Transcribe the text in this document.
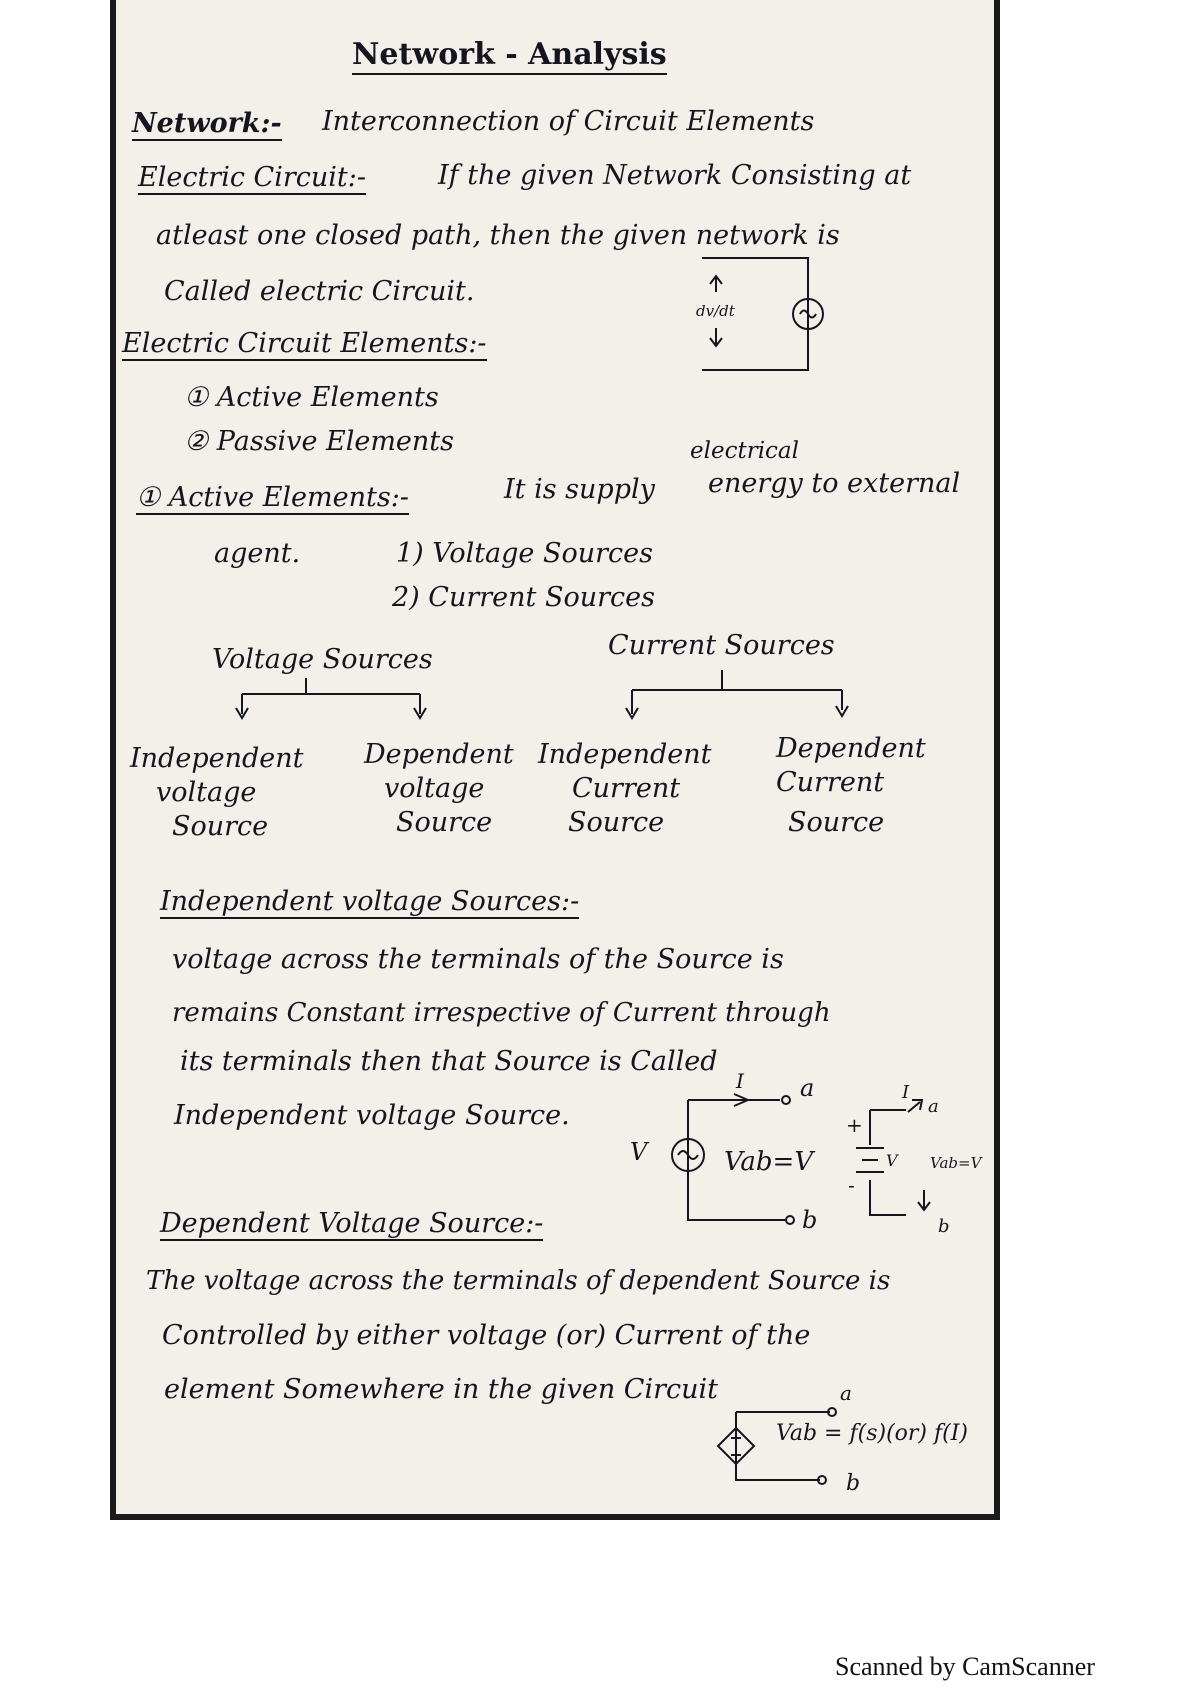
Network - Analysis
Network:- Interconnection of Circuit Elements
Electric Circuit:-	If the given Network Consisting at
atleast one closed path, then the given network is
Called electric Circuit.
Electric Circuit Elements:-
① Active Elements
② Passive Elements
① Active Elements:-	It is supply
electrical
energy to external
agent.	1) Voltage Sources
2) Current Sources
Voltage Sources	Current Sources
Independent
voltage
Source
Dependent
voltage
Source
Independent
Current
Source
Dependent
Current
Source
Independent voltage Sources:-
voltage across the terminals of the Source is
remains Constant irrespective of Current through
its terminals then that Source is Called
Independent voltage Source.
Dependent Voltage Source:-
The voltage across the terminals of dependent Source is
Controlled by either voltage (or) Current of the
element Somewhere in the given Circuit
dv/dt
I a
b
V	Vab=V
I
a
b
+
-
V Vab=V
a
b
Vab = f(s)(or) f(I)
Scanned by CamScanner
